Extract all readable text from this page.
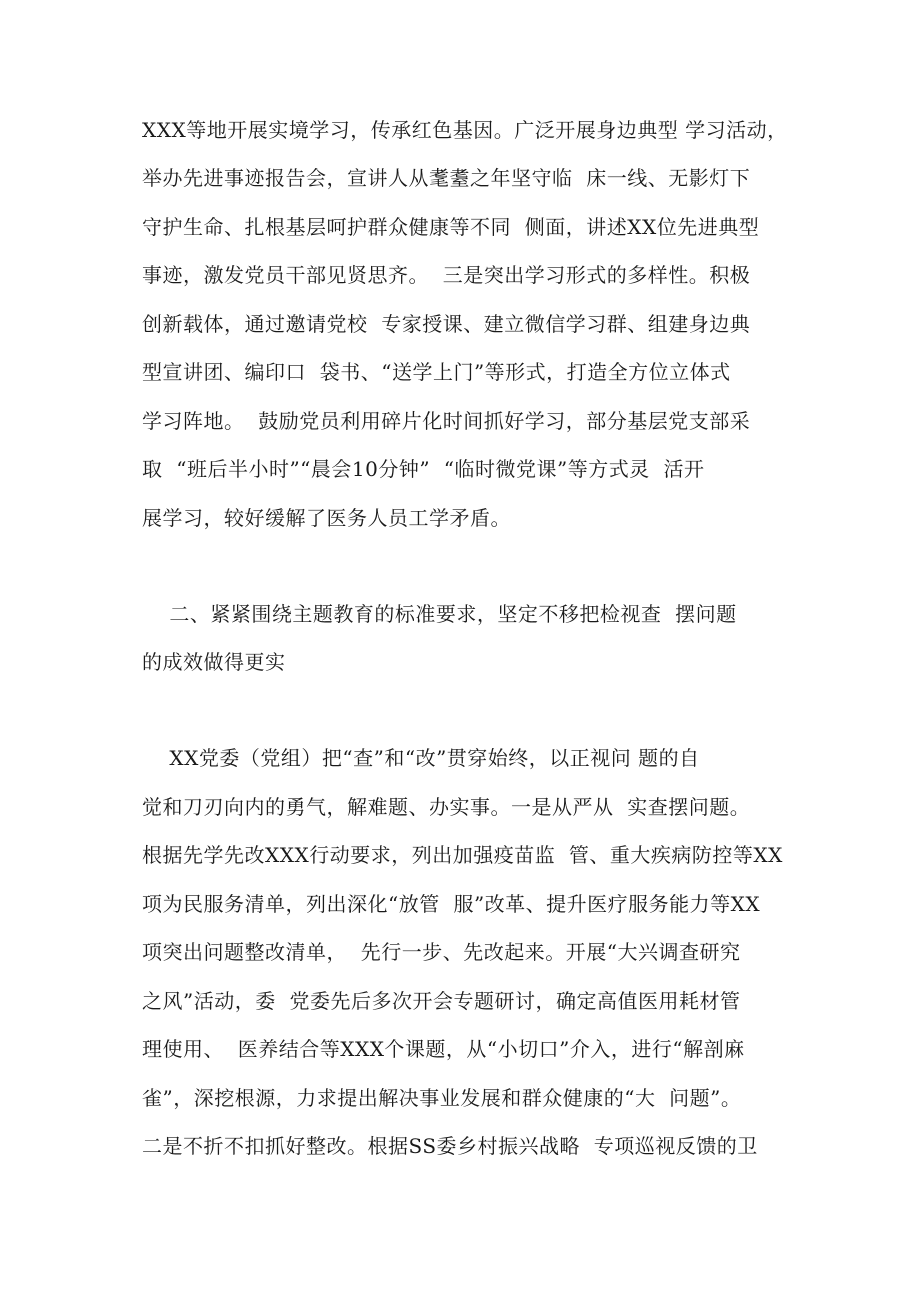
XXX等地开展实境学习，传承红色基因。广泛开展身边典型 学习活动，
举办先进事迹报告会，宣讲人从耄耋之年坚守临  床一线、无影灯下
守护生命、扎根基层呵护群众健康等不同  侧面，讲述XX位先进典型
事迹，激发党员干部见贤思齐。  三是突出学习形式的多样性。积极
创新载体，通过邀请党校  专家授课、建立微信学习群、组建身边典
型宣讲团、编印口  袋书、“送学上门”等形式，打造全方位立体式
学习阵地。  鼓励党员利用碎片化时间抓好学习，部分基层党支部采
取  “班后半小时”“晨会10分钟”  “临时微党课”等方式灵  活开
展学习，较好缓解了医务人员工学矛盾。
二、紧紧围绕主题教育的标准要求，坚定不移把检视查  摆问题
的成效做得更实
XX党委（党组）把“查”和“改”贯穿始终，以正视问 题的自
觉和刀刃向内的勇气，解难题、办实事。一是从严从  实查摆问题。
根据先学先改XXX行动要求，列出加强疫苗监  管、重大疾病防控等XX
项为民服务清单，列出深化“放管  服”改革、提升医疗服务能力等XX
项突出问题整改清单，  先行一步、先改起来。开展“大兴调查研究
之风”活动，委  党委先后多次开会专题研讨，确定高值医用耗材管
理使用、  医养结合等XXX个课题，从“小切口”介入，进行“解剖麻
雀”，深挖根源，力求提出解决事业发展和群众健康的“大  问题”。
二是不折不扣抓好整改。根据SS委乡村振兴战略  专项巡视反馈的卫
